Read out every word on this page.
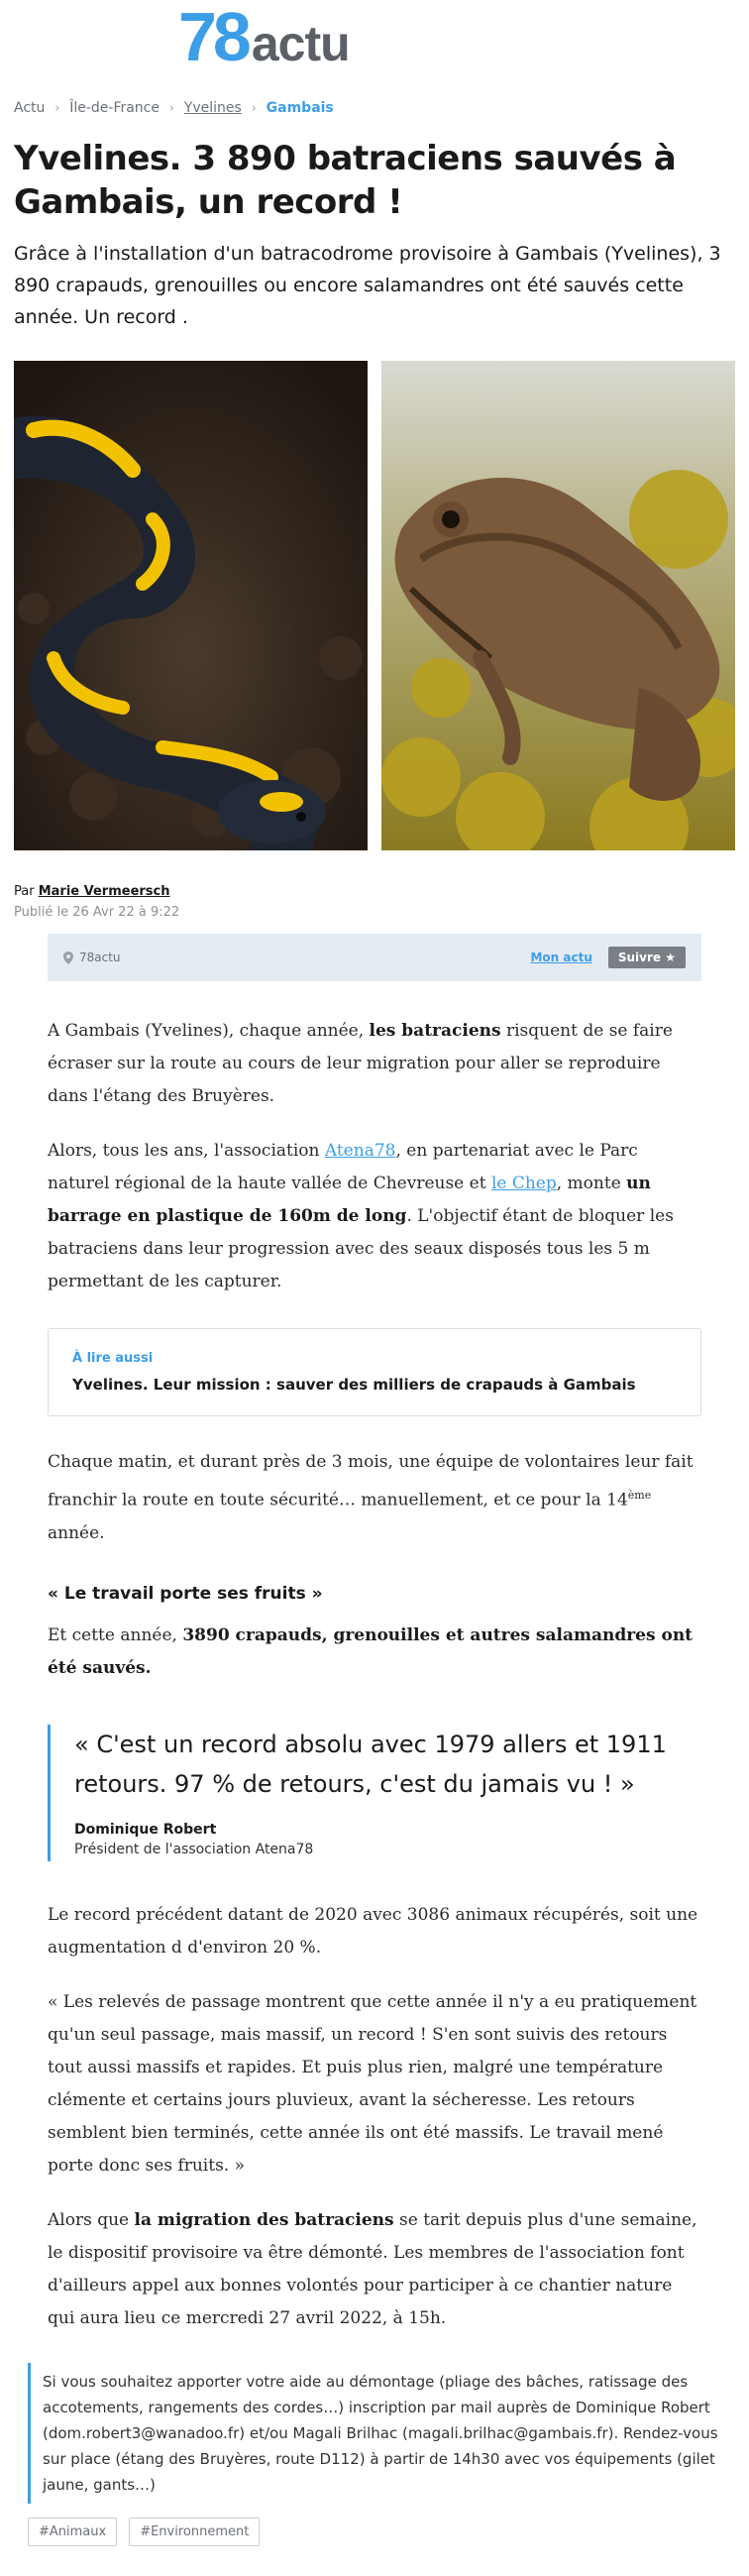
78 actu
Actu › Île-de-France › Yvelines › Gambais
Yvelines. 3 890 batraciens sauvés à Gambais, un record !

Grâce à l'installation d'un batracodrome provisoire à Gambais (Yvelines), 3 890 crapauds, grenouilles ou encore salamandres ont été sauvés cette année. Un record .

Par Marie Vermeersch
Publié le 26 Avr 22 à 9:22
78actu	Mon actu	Suivre ★

A Gambais (Yvelines), chaque année, les batraciens risquent de se faire écraser sur la route au cours de leur migration pour aller se reproduire dans l'étang des Bruyères.

Alors, tous les ans, l'association Atena78, en partenariat avec le Parc naturel régional de la haute vallée de Chevreuse et le Chep, monte un barrage en plastique de 160m de long. L'objectif étant de bloquer les batraciens dans leur progression avec des seaux disposés tous les 5 m permettant de les capturer.

À lire aussi
Yvelines. Leur mission : sauver des milliers de crapauds à Gambais

Chaque matin, et durant près de 3 mois, une équipe de volontaires leur fait franchir la route en toute sécurité… manuellement, et ce pour la 14ème année.

« Le travail porte ses fruits »

Et cette année, 3890 crapauds, grenouilles et autres salamandres ont été sauvés.

« C'est un record absolu avec 1979 allers et 1911 retours. 97 % de retours, c'est du jamais vu ! »
Dominique Robert
Président de l'association Atena78

Le record précédent datant de 2020 avec 3086 animaux récupérés, soit une augmentation d d'environ 20 %.

« Les relevés de passage montrent que cette année il n'y a eu pratiquement qu'un seul passage, mais massif, un record ! S'en sont suivis des retours tout aussi massifs et rapides. Et puis plus rien, malgré une température clémente et certains jours pluvieux, avant la sécheresse. Les retours semblent bien terminés, cette année ils ont été massifs. Le travail mené porte donc ses fruits. »

Alors que la migration des batraciens se tarit depuis plus d'une semaine, le dispositif provisoire va être démonté. Les membres de l'association font d'ailleurs appel aux bonnes volontés pour participer à ce chantier nature qui aura lieu ce mercredi 27 avril 2022, à 15h.

Si vous souhaitez apporter votre aide au démontage (pliage des bâches, ratissage des accotements, rangements des cordes…) inscription par mail auprès de Dominique Robert (dom.robert3@wanadoo.fr) et/ou Magali Brilhac (magali.brilhac@gambais.fr). Rendez-vous sur place (étang des Bruyères, route D112) à partir de 14h30 avec vos équipements (gilet jaune, gants…)
#Animaux	#Environnement
